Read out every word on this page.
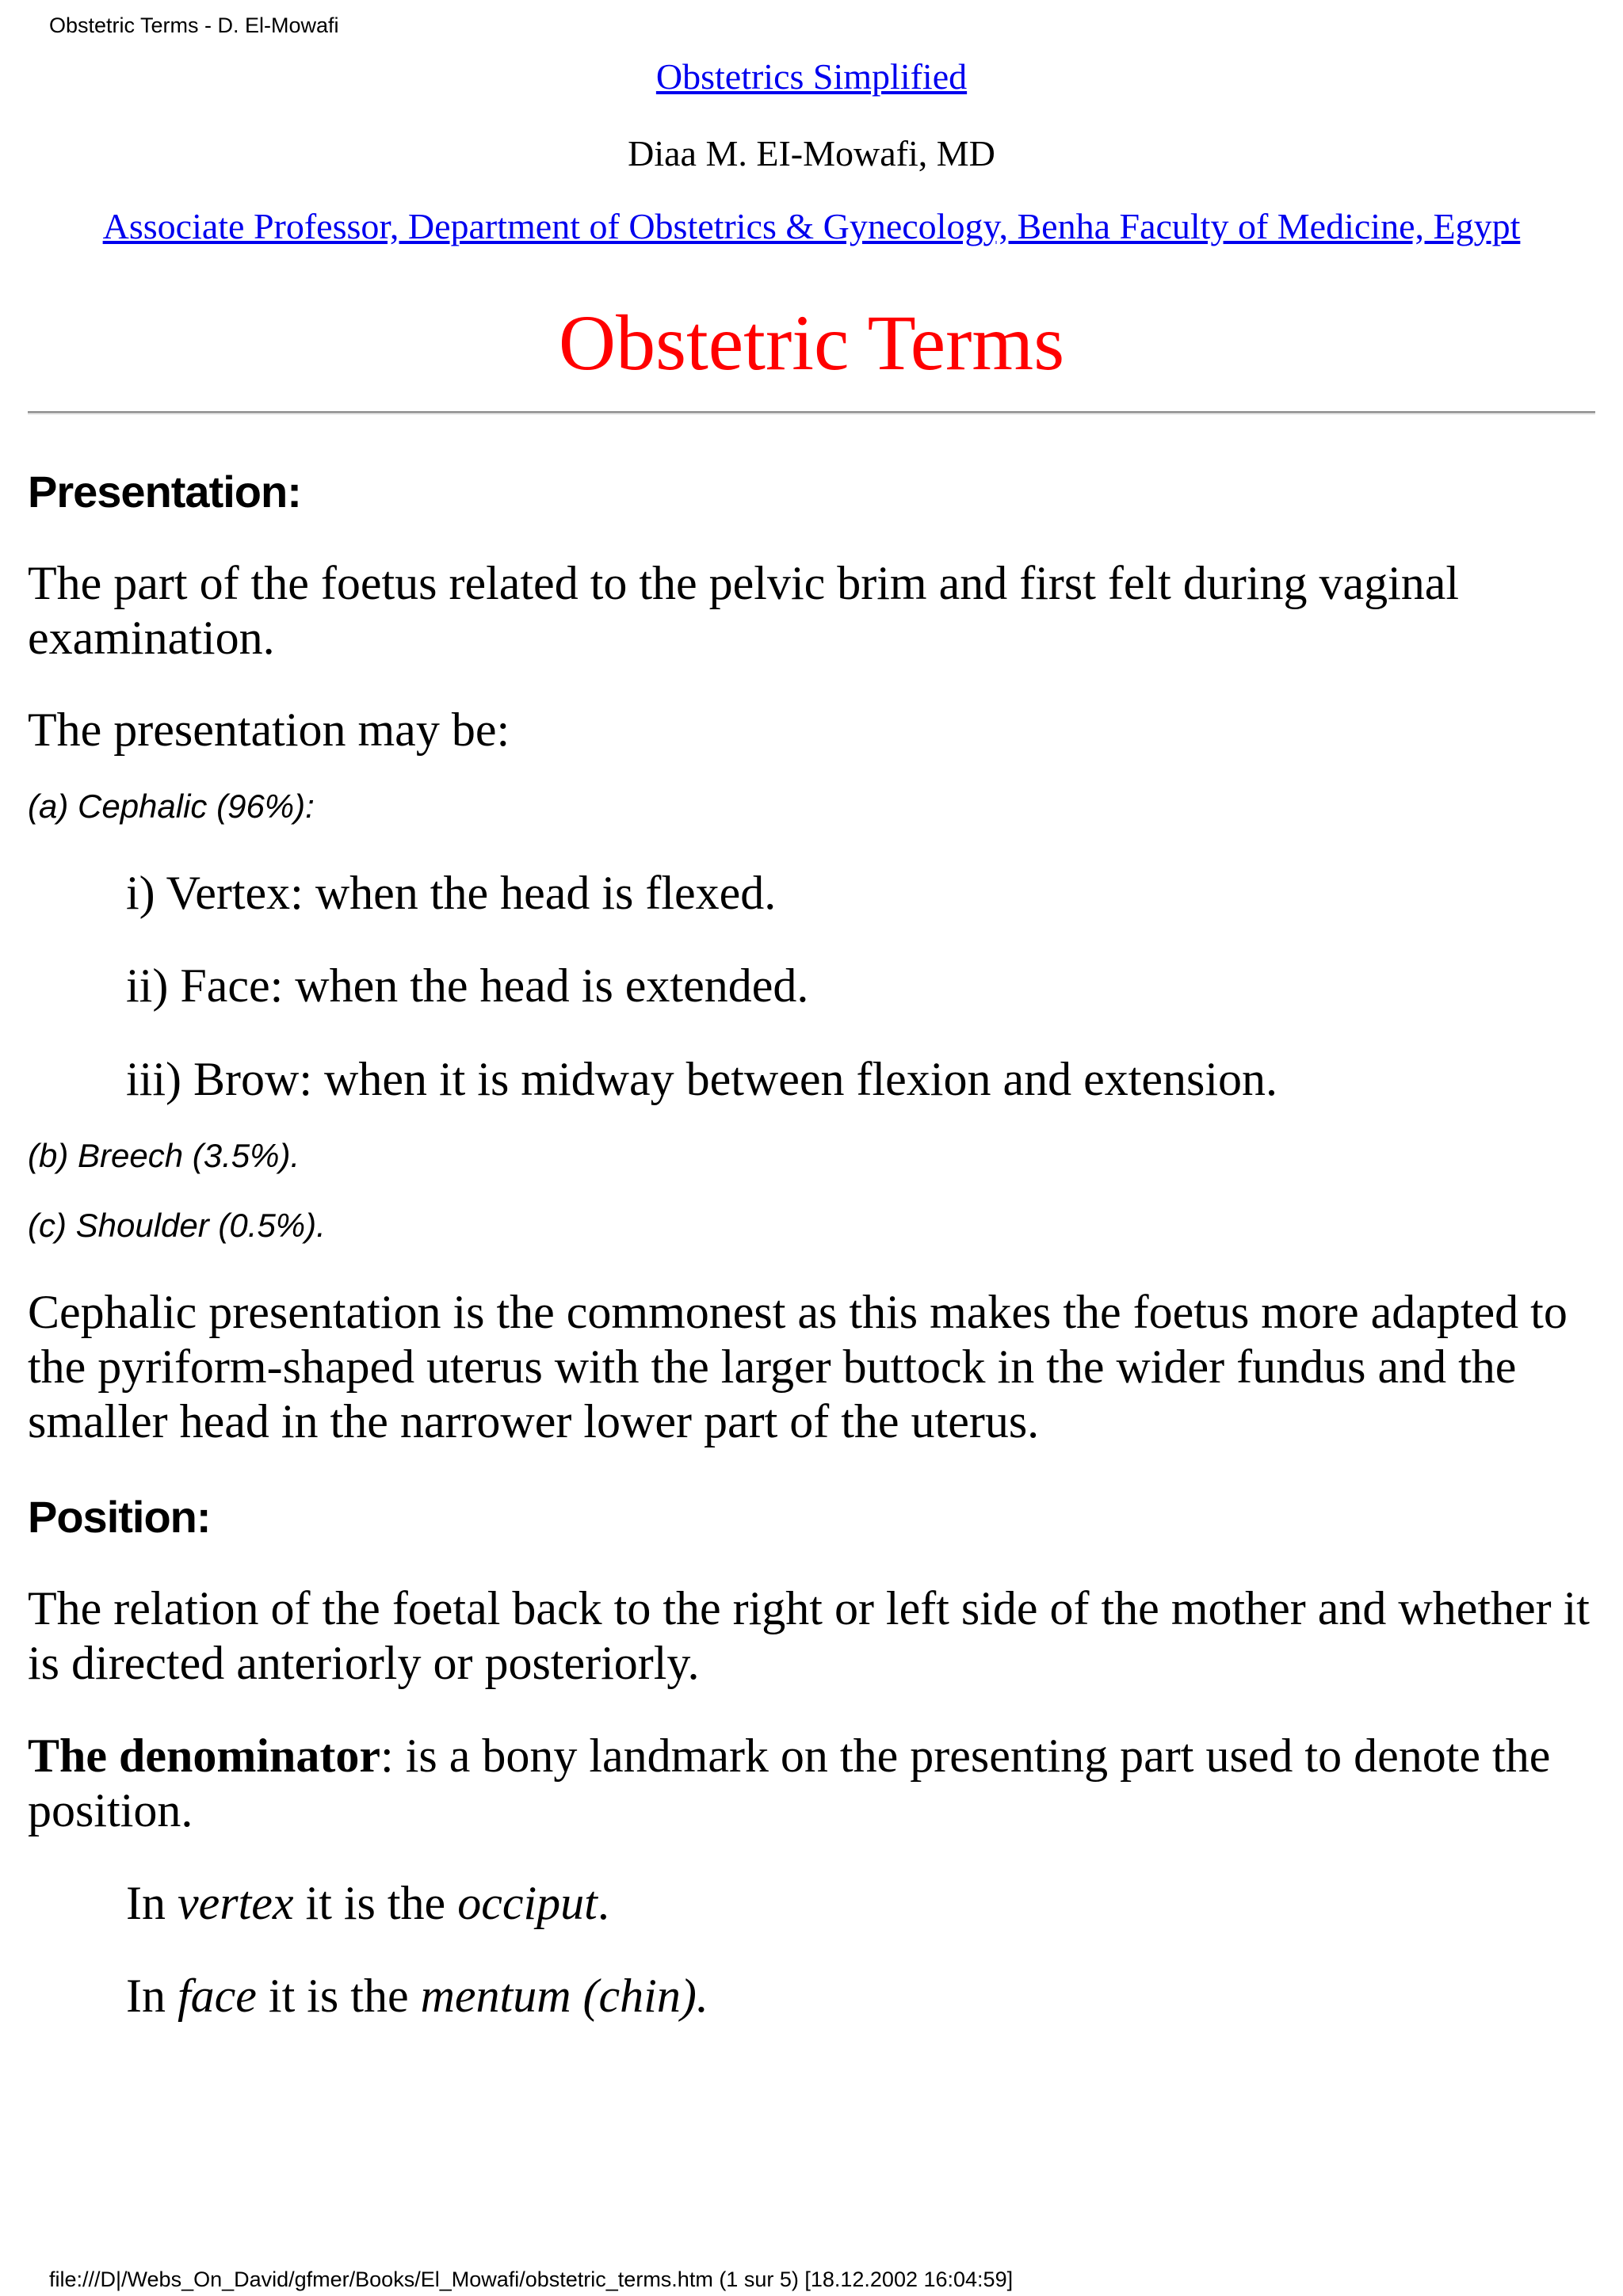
Obstetric Terms - D. El-Mowafi
Obstetrics Simplified
Diaa M. EI-Mowafi, MD
Associate Professor, Department of Obstetrics & Gynecology, Benha Faculty of Medicine, Egypt
Obstetric Terms
Presentation:

The part of the foetus related to the pelvic brim and first felt during vaginal examination.

The presentation may be:

(a) Cephalic (96%):

i) Vertex: when the head is flexed.

ii) Face: when the head is extended.

iii) Brow: when it is midway between flexion and extension.

(b) Breech (3.5%).

(c) Shoulder (0.5%).

Cephalic presentation is the commonest as this makes the foetus more adapted to the pyriform-shaped uterus with the larger buttock in the wider fundus and the smaller head in the narrower lower part of the uterus.

Position:

The relation of the foetal back to the right or left side of the mother and whether it is directed anteriorly or posteriorly.

The denominator: is a bony landmark on the presenting part used to denote the position.

In vertex it is the occiput.

In face it is the mentum (chin).

file:///D|/Webs_On_David/gfmer/Books/El_Mowafi/obstetric_terms.htm (1 sur 5) [18.12.2002 16:04:59]
